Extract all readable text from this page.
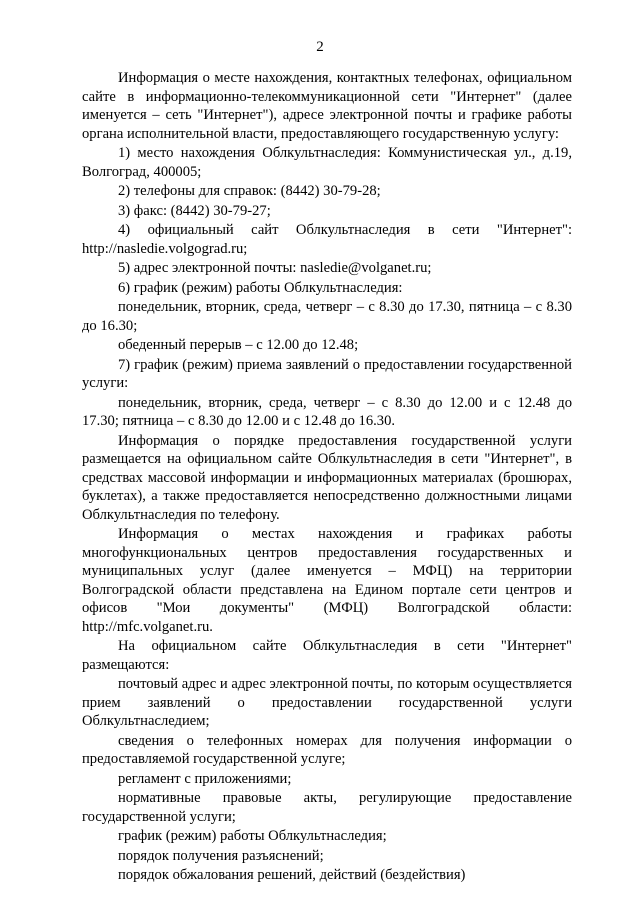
2

Информация о месте нахождения, контактных телефонах, официальном сайте в информационно-телекоммуникационной сети "Интернет" (далее именуется – сеть "Интернет"), адресе электронной почты и графике работы органа исполнительной власти, предоставляющего государственную услугу:

1) место нахождения Облкультнаследия: Коммунистическая ул., д.19, Волгоград, 400005;

2) телефоны для справок: (8442) 30-79-28;

3) факс: (8442) 30-79-27;

4) официальный сайт Облкультнаследия в сети "Интернет": http://nasledie.volgograd.ru;

5) адрес электронной почты: nasledie@volganet.ru;

6) график (режим) работы Облкультнаследия:

понедельник, вторник, среда, четверг – с 8.30 до 17.30, пятница – с 8.30 до 16.30;

обеденный перерыв – с 12.00 до 12.48;

7) график (режим) приема заявлений о предоставлении государственной услуги:

понедельник, вторник, среда, четверг – с 8.30 до 12.00 и с 12.48 до 17.30; пятница – с 8.30 до 12.00 и с 12.48 до 16.30.

Информация о порядке предоставления государственной услуги размещается на официальном сайте Облкультнаследия в сети "Интернет", в средствах массовой информации и информационных материалах (брошюрах, буклетах), а также предоставляется непосредственно должностными лицами Облкультнаследия по телефону.

Информация о местах нахождения и графиках работы многофункциональных центров предоставления государственных и муниципальных услуг (далее именуется – МФЦ) на территории Волгоградской области представлена на Едином портале сети центров и офисов "Мои документы" (МФЦ) Волгоградской области: http://mfc.volganet.ru.

На официальном сайте Облкультнаследия в сети "Интернет" размещаются:

почтовый адрес и адрес электронной почты, по которым осуществляется прием заявлений о предоставлении государственной услуги Облкультнаследием;

сведения о телефонных номерах для получения информации о предоставляемой государственной услуге;

регламент с приложениями;

нормативные правовые акты, регулирующие предоставление государственной услуги;

график (режим) работы Облкультнаследия;

порядок получения разъяснений;

порядок обжалования решений, действий (бездействия)
